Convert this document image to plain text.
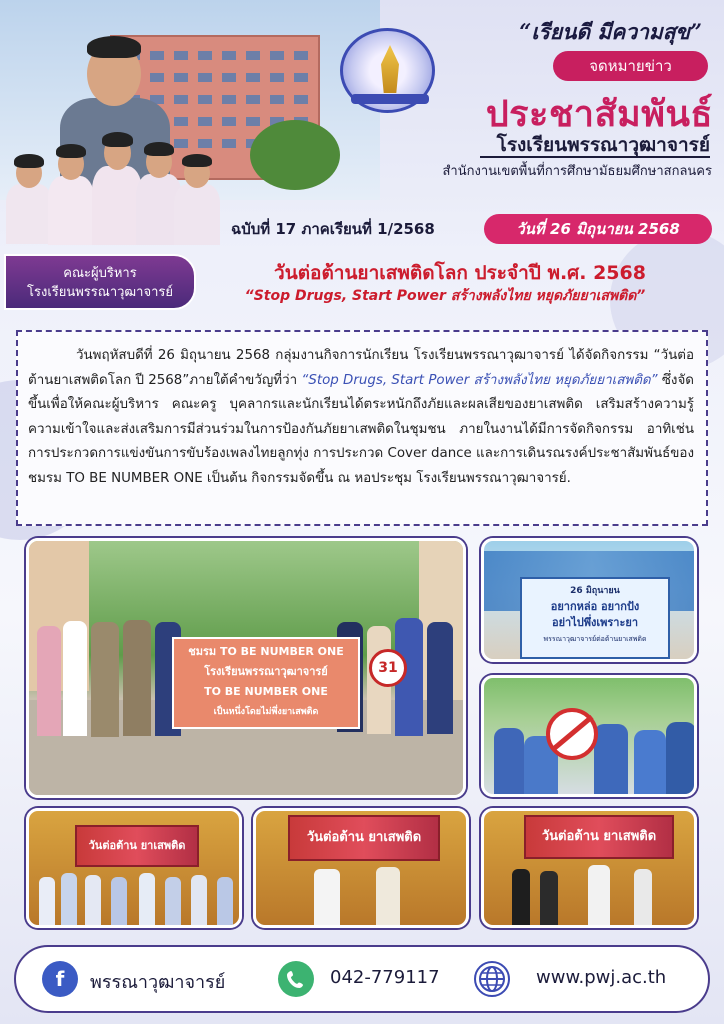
“เรียนดี มีความสุข”
จดหมายข่าว
ประชาสัมพันธ์
โรงเรียนพรรณาวุฒาจารย์
สำนักงานเขตพื้นที่การศึกษามัธยมศึกษาสกลนคร
ฉบับที่ 17 ภาคเรียนที่ 1/2568	วันที่ 26 มิถุนายน 2568
คณะผู้บริหาร
โรงเรียนพรรณาวุฒาจารย์
วันต่อต้านยาเสพติดโลก ประจำปี พ.ศ. 2568
“Stop Drugs, Start Power สร้างพลังไทย หยุดภัยยาเสพติด”
วันพฤหัสบดีที่ 26 มิถุนายน 2568 กลุ่มงานกิจการนักเรียน โรงเรียนพรรณาวุฒาจารย์ ได้จัดกิจกรรม “วันต่อต้านยาเสพติดโลก ปี 2568”ภายใต้คำขวัญที่ว่า “Stop Drugs, Start Power สร้างพลังไทย หยุดภัยยาเสพติด” ซึ่งจัดขึ้นเพื่อให้คณะผู้บริหาร คณะครู บุคลากรและนักเรียนได้ตระหนักถึงภัยและผลเสียของยาเสพติด เสริมสร้างความรู้ความเข้าใจและส่งเสริมการมีส่วนร่วมในการป้องกันภัยยาเสพติดในชุมชน ภายในงานได้มีการจัดกิจกรรม อาทิเช่น การประกวดการแข่งขันการขับร้องเพลงไทยลูกทุ่ง การประกวด Cover dance และการเดินรณรงค์ประชาสัมพันธ์ของชมรม TO BE NUMBER ONE เป็นต้น กิจกรรมจัดขึ้น ณ หอประชุม โรงเรียนพรรณาวุฒาจารย์.
ชมรม TO BE NUMBER ONE
โรงเรียนพรรณาวุฒาจารย์
TO BE NUMBER ONE
เป็นหนึ่งโดยไม่พึ่งยาเสพติด
31
26 มิถุนายน
อยากหล่อ อยากปัง
อย่าไปพึ่งเพราะยา
พรรณาวุฒาจารย์ต่อต้านยาเสพติด
วันต่อต้าน ยาเสพติด
วันต่อต้าน ยาเสพติด	วันต่อต้าน ยาเสพติด
f	พรรณาวุฒาจารย์	042-779117	www.pwj.ac.th
